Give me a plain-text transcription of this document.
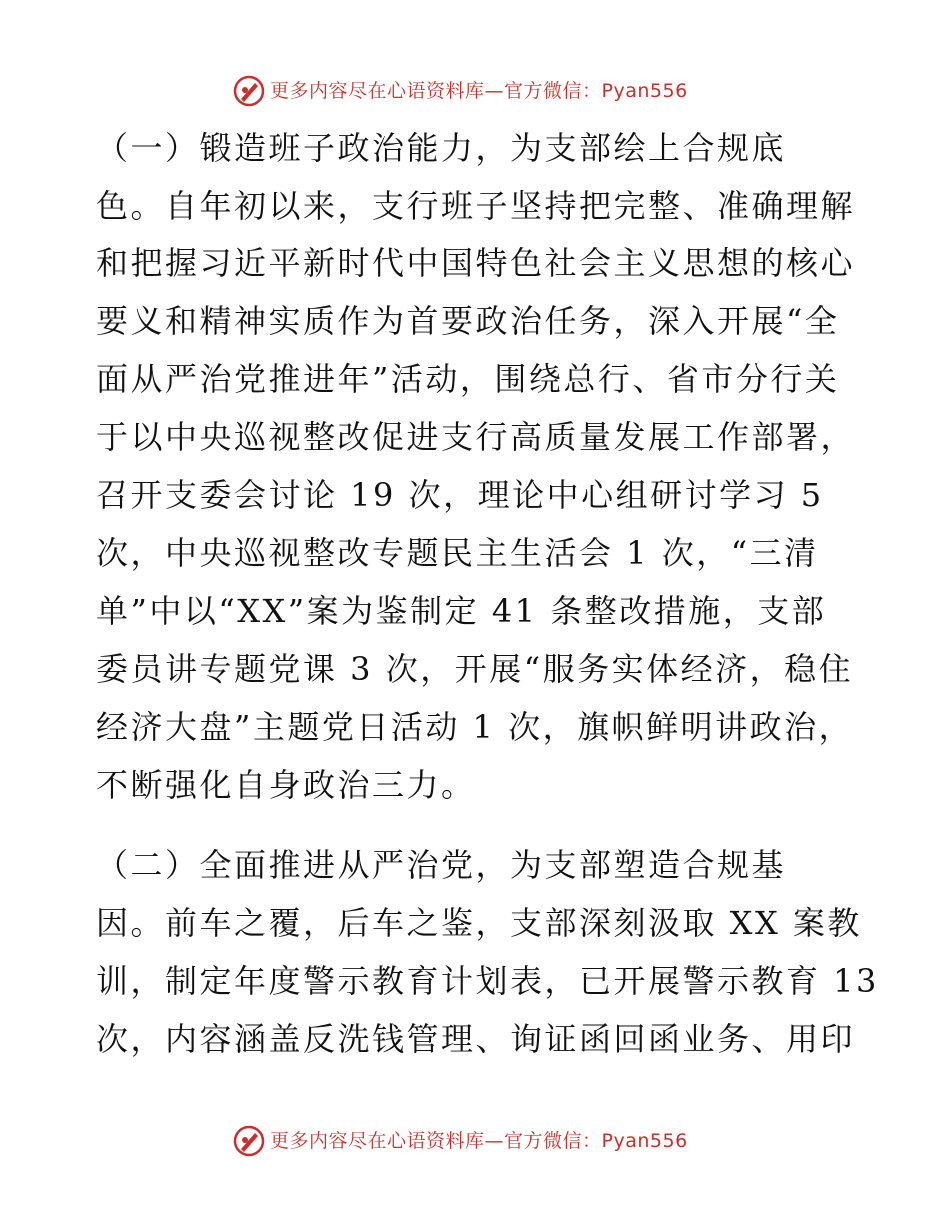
更多内容尽在心语资料库—官方微信：Pyan556
（一）锻造班子政治能力，为支部绘上合规底
色。自年初以来，支行班子坚持把完整、准确理解
和把握习近平新时代中国特色社会主义思想的核心
要义和精神实质作为首要政治任务，深入开展“全
面从严治党推进年”活动，围绕总行、省市分行关
于以中央巡视整改促进支行高质量发展工作部署，
召开支委会讨论 19 次，理论中心组研讨学习 5
次，中央巡视整改专题民主生活会 1 次，“三清
单”中以“XX”案为鉴制定 41 条整改措施，支部
委员讲专题党课 3 次，开展“服务实体经济，稳住
经济大盘”主题党日活动 1 次，旗帜鲜明讲政治，
不断强化自身政治三力。
（二）全面推进从严治党，为支部塑造合规基
因。前车之覆，后车之鉴，支部深刻汲取 XX 案教
训，制定年度警示教育计划表，已开展警示教育 13
次，内容涵盖反洗钱管理、询证函回函业务、用印
更多内容尽在心语资料库—官方微信：Pyan556
